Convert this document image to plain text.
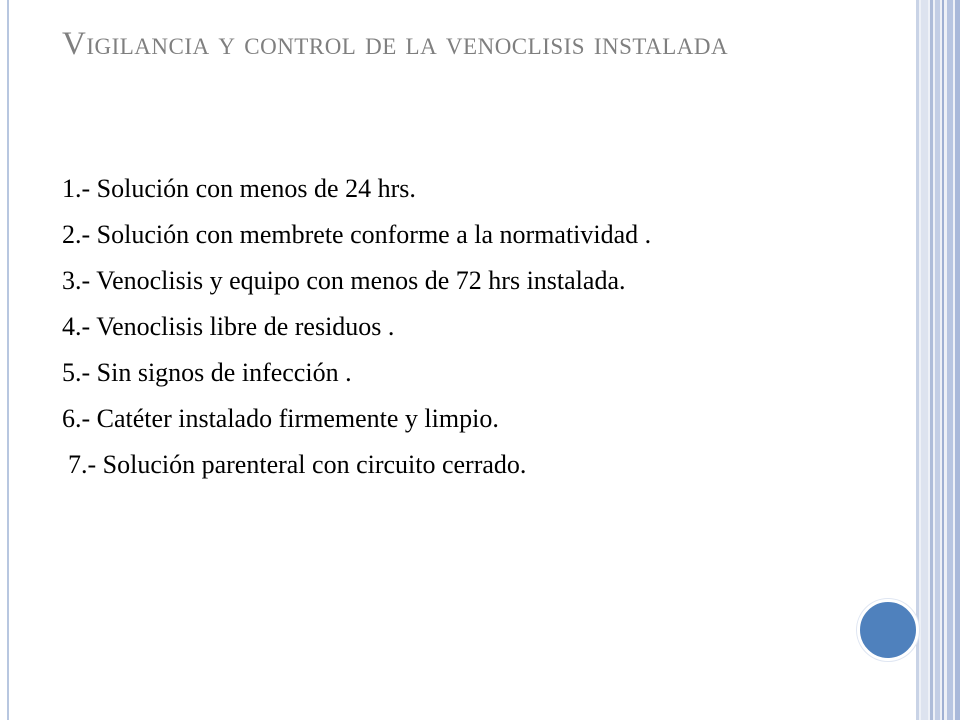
Vigilancia y control de la venoclisis instalada
1.- Solución con menos de 24 hrs.
2.- Solución con membrete conforme a la normatividad .
3.- Venoclisis y equipo con menos de 72 hrs instalada.
4.- Venoclisis libre de residuos .
5.- Sin signos de infección .
6.- Catéter instalado firmemente y limpio.
7.- Solución parenteral con circuito cerrado.
